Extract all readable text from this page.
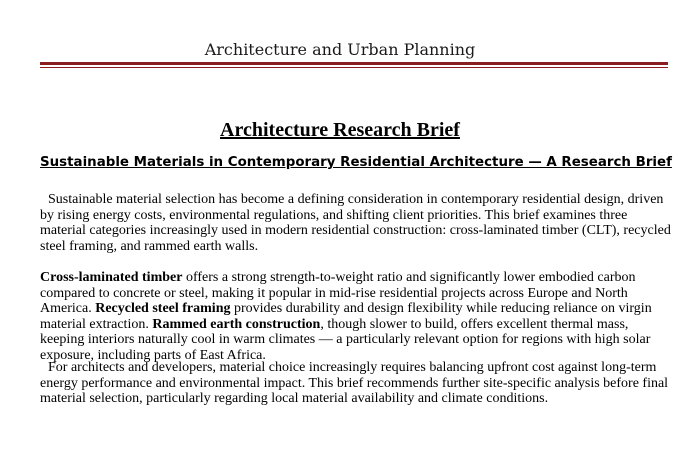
Architecture and Urban Planning
Architecture Research Brief
Sustainable Materials in Contemporary Residential Architecture — A Research Brief
Sustainable material selection has become a defining consideration in contemporary residential design, driven by rising energy costs, environmental regulations, and shifting client priorities. This brief examines three material categories increasingly used in modern residential construction: cross-laminated timber (CLT), recycled steel framing, and rammed earth walls.
Cross-laminated timber offers a strong strength-to-weight ratio and significantly lower embodied carbon compared to concrete or steel, making it popular in mid-rise residential projects across Europe and North America. Recycled steel framing provides durability and design flexibility while reducing reliance on virgin material extraction. Rammed earth construction, though slower to build, offers excellent thermal mass, keeping interiors naturally cool in warm climates — a particularly relevant option for regions with high solar exposure, including parts of East Africa.
For architects and developers, material choice increasingly requires balancing upfront cost against long-term energy performance and environmental impact. This brief recommends further site-specific analysis before final material selection, particularly regarding local material availability and climate conditions.
